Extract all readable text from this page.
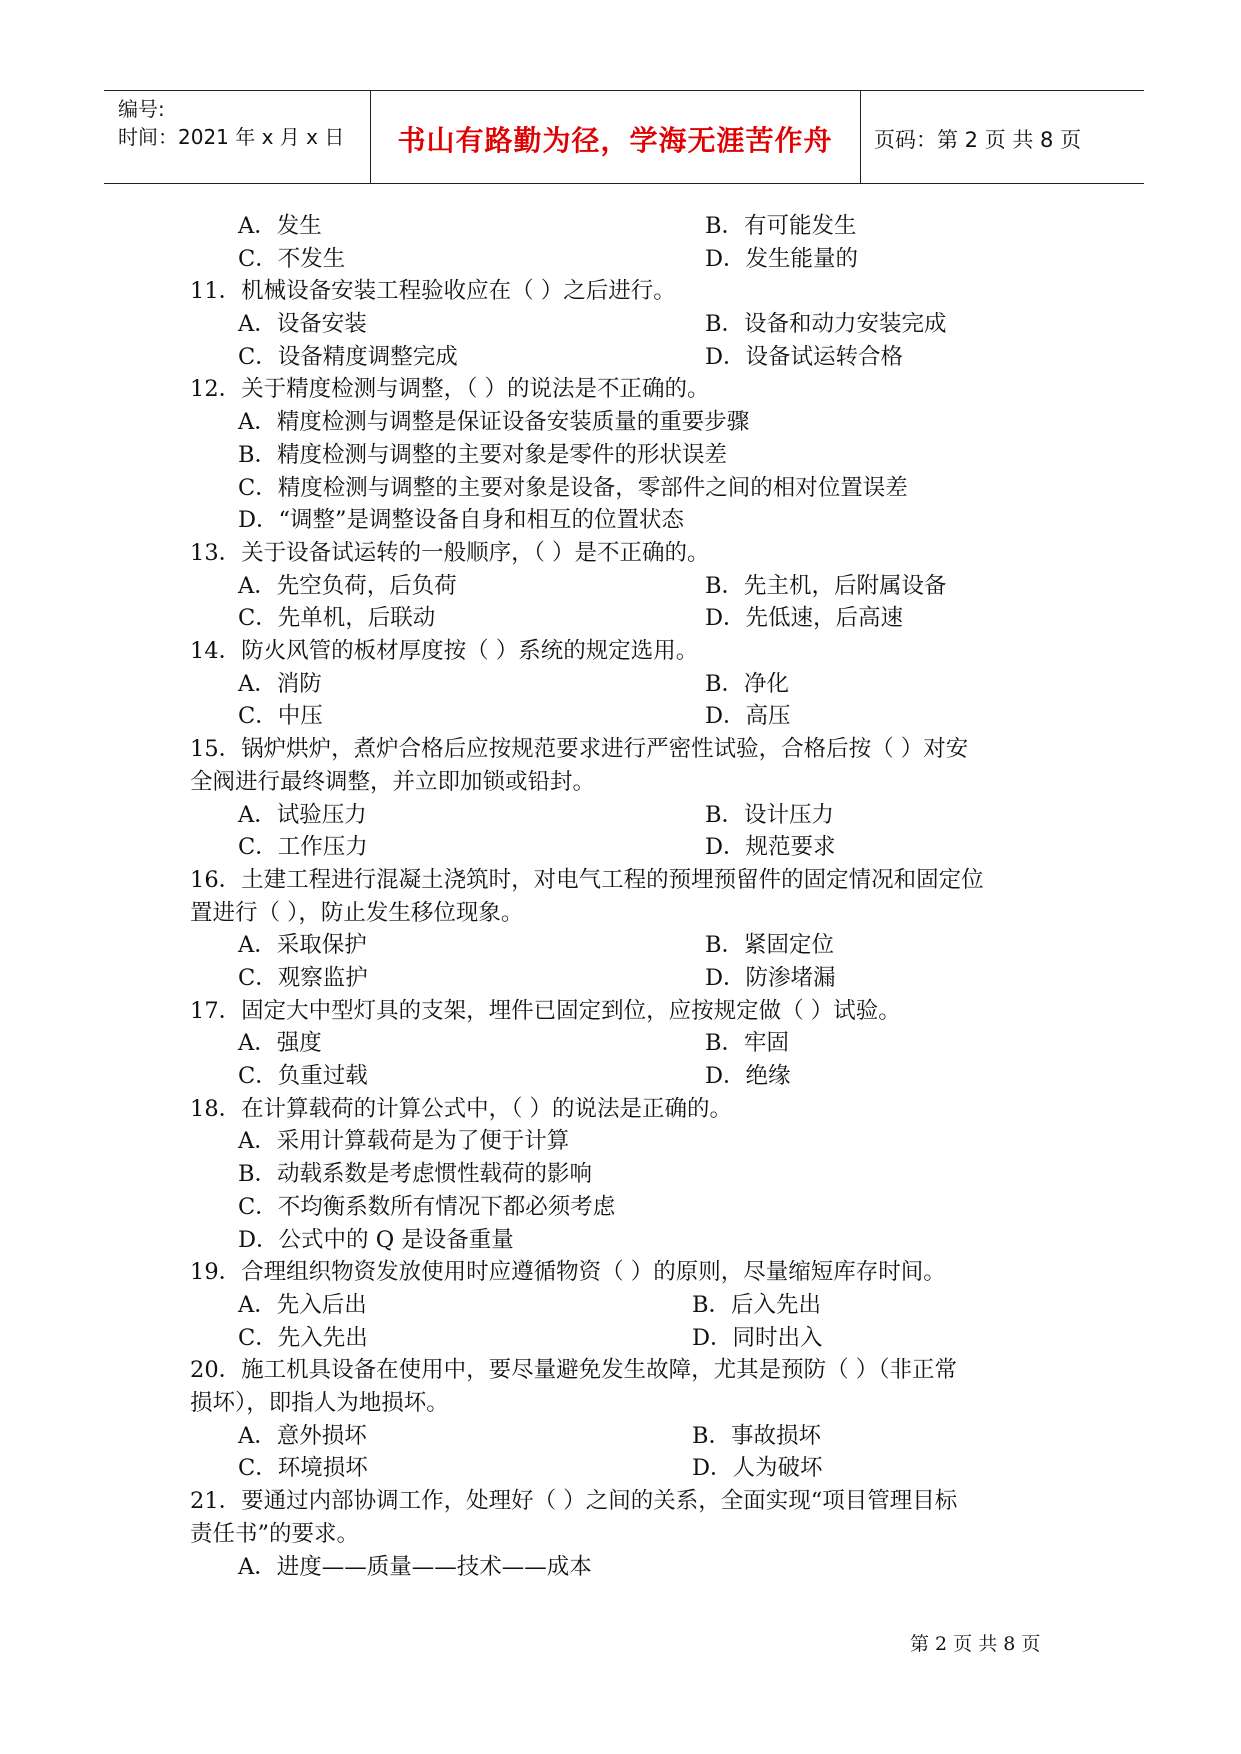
编号:
时间：2021 年 x 月 x 日	书山有路勤为径，学海无涯苦作舟	页码：第 2 页 共 8 页
A．发生	B．有可能发生
C．不发生	D．发生能量的
11．机械设备安装工程验收应在（ ）之后进行。
A．设备安装	B．设备和动力安装完成
C．设备精度调整完成	D．设备试运转合格
12．关于精度检测与调整，（ ）的说法是不正确的。
A．精度检测与调整是保证设备安装质量的重要步骤
B．精度检测与调整的主要对象是零件的形状误差
C．精度检测与调整的主要对象是设备，零部件之间的相对位置误差
D．“调整”是调整设备自身和相互的位置状态
13．关于设备试运转的一般顺序，（ ）是不正确的。
A．先空负荷，后负荷	B．先主机，后附属设备
C．先单机，后联动	D．先低速，后高速
14．防火风管的板材厚度按（ ）系统的规定选用。
A．消防	B．净化
C．中压	D．高压
15．锅炉烘炉，煮炉合格后应按规范要求进行严密性试验，合格后按（ ）对安
全阀进行最终调整，并立即加锁或铅封。
A．试验压力	B．设计压力
C．工作压力	D．规范要求
16．土建工程进行混凝土浇筑时，对电气工程的预埋预留件的固定情况和固定位
置进行（ ），防止发生移位现象。
A．采取保护	B．紧固定位
C．观察监护	D．防渗堵漏
17．固定大中型灯具的支架，埋件已固定到位，应按规定做（ ）试验。
A．强度	B．牢固
C．负重过载	D．绝缘
18．在计算载荷的计算公式中，（ ）的说法是正确的。
A．采用计算载荷是为了便于计算
B．动载系数是考虑惯性载荷的影响
C．不均衡系数所有情况下都必须考虑
D．公式中的 Q 是设备重量
19．合理组织物资发放使用时应遵循物资（ ）的原则，尽量缩短库存时间。
A．先入后出	B．后入先出
C．先入先出	D．同时出入
20．施工机具设备在使用中，要尽量避免发生故障，尤其是预防（ ）（非正常
损坏），即指人为地损坏。
A．意外损坏	B．事故损坏
C．环境损坏	D．人为破坏
21．要通过内部协调工作，处理好（ ）之间的关系，全面实现“项目管理目标
责任书”的要求。
A．进度——质量——技术——成本
第 2 页 共 8 页
